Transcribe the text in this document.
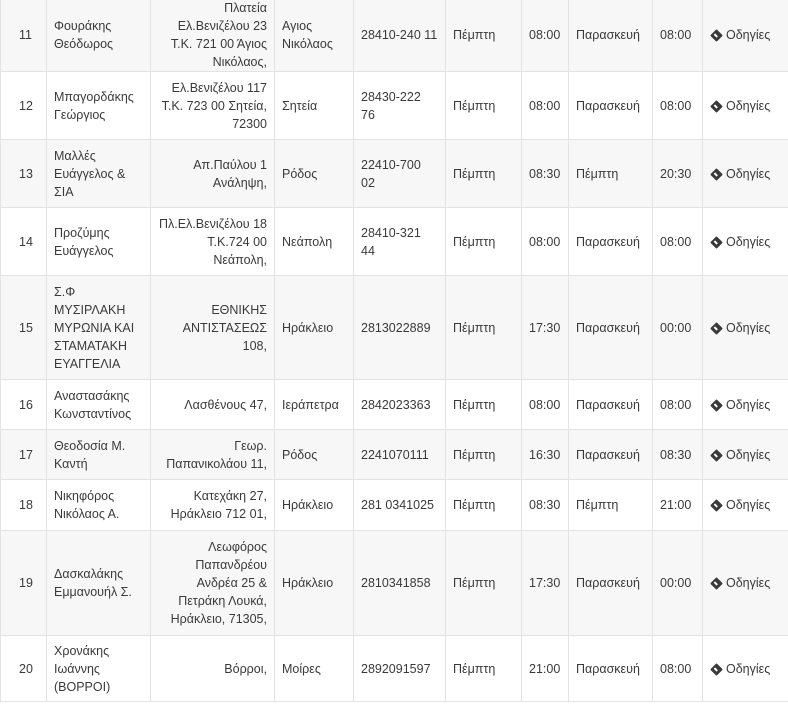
11	Φουράκης Θεόδωρος	Πλατεία Ελ.Βενιζέλου 23 Τ.Κ. 721 00 Άγιος Νικόλαος,	Αγιος Νικόλαος	28410-240 11	Πέμπτη	08:00	Παρασκευή	08:00	Οδηγίες
12	Μπαγορδάκης Γεώργιος	Ελ.Βενιζέλου 117 Τ.Κ. 723 00 Σητεία, 72300	Σητεία	28430-222 76	Πέμπτη	08:00	Παρασκευή	08:00	Οδηγίες
13	Μαλλές Ευάγγελος & ΣΙΑ	Απ.Παύλου 1 Ανάληψη,	Ρόδος	22410-700 02	Πέμπτη	08:30	Πέμπτη	20:30	Οδηγίες
14	Προζύμης Ευάγγελος	Πλ.Ελ.Βενιζέλου 18 Τ.Κ.724 00 Νεάπολη,	Νεάπολη	28410-321 44	Πέμπτη	08:00	Παρασκευή	08:00	Οδηγίες
15	Σ.Φ ΜΥΣΙΡΛΑΚΗ ΜΥΡΩΝΙΑ ΚΑΙ ΣΤΑΜΑΤΑΚΗ ΕΥΑΓΓΕΛΙΑ	ΕΘΝΙΚΗΣ ΑΝΤΙΣΤΑΣΕΩΣ 108,	Ηράκλειο	2813022889	Πέμπτη	17:30	Παρασκευή	00:00	Οδηγίες
16	Αναστασάκης Κωνσταντίνος	Λασθένους 47,	Ιεράπετρα	2842023363	Πέμπτη	08:00	Παρασκευή	08:00	Οδηγίες
17	Θεοδοσία Μ. Καντή	Γεωρ. Παπανικολάου 11,	Ρόδος	2241070111	Πέμπτη	16:30	Παρασκευή	08:30	Οδηγίες
18	Νικηφόρος Νικόλαος Α.	Κατεχάκη 27, Ηράκλειο 712 01,	Ηράκλειο	281 0341025	Πέμπτη	08:30	Πέμπτη	21:00	Οδηγίες
19	Δασκαλάκης Εμμανουήλ Σ.	Λεωφόρος Παπανδρέου Ανδρέα 25 & Πετράκη Λουκά, Ηράκλειο, 71305,	Ηράκλειο	2810341858	Πέμπτη	17:30	Παρασκευή	00:00	Οδηγίες
20	Χρονάκης Ιωάννης (ΒΟΡΡΟΙ)	Βόρροι,	Μοίρες	2892091597	Πέμπτη	21:00	Παρασκευή	08:00	Οδηγίες
